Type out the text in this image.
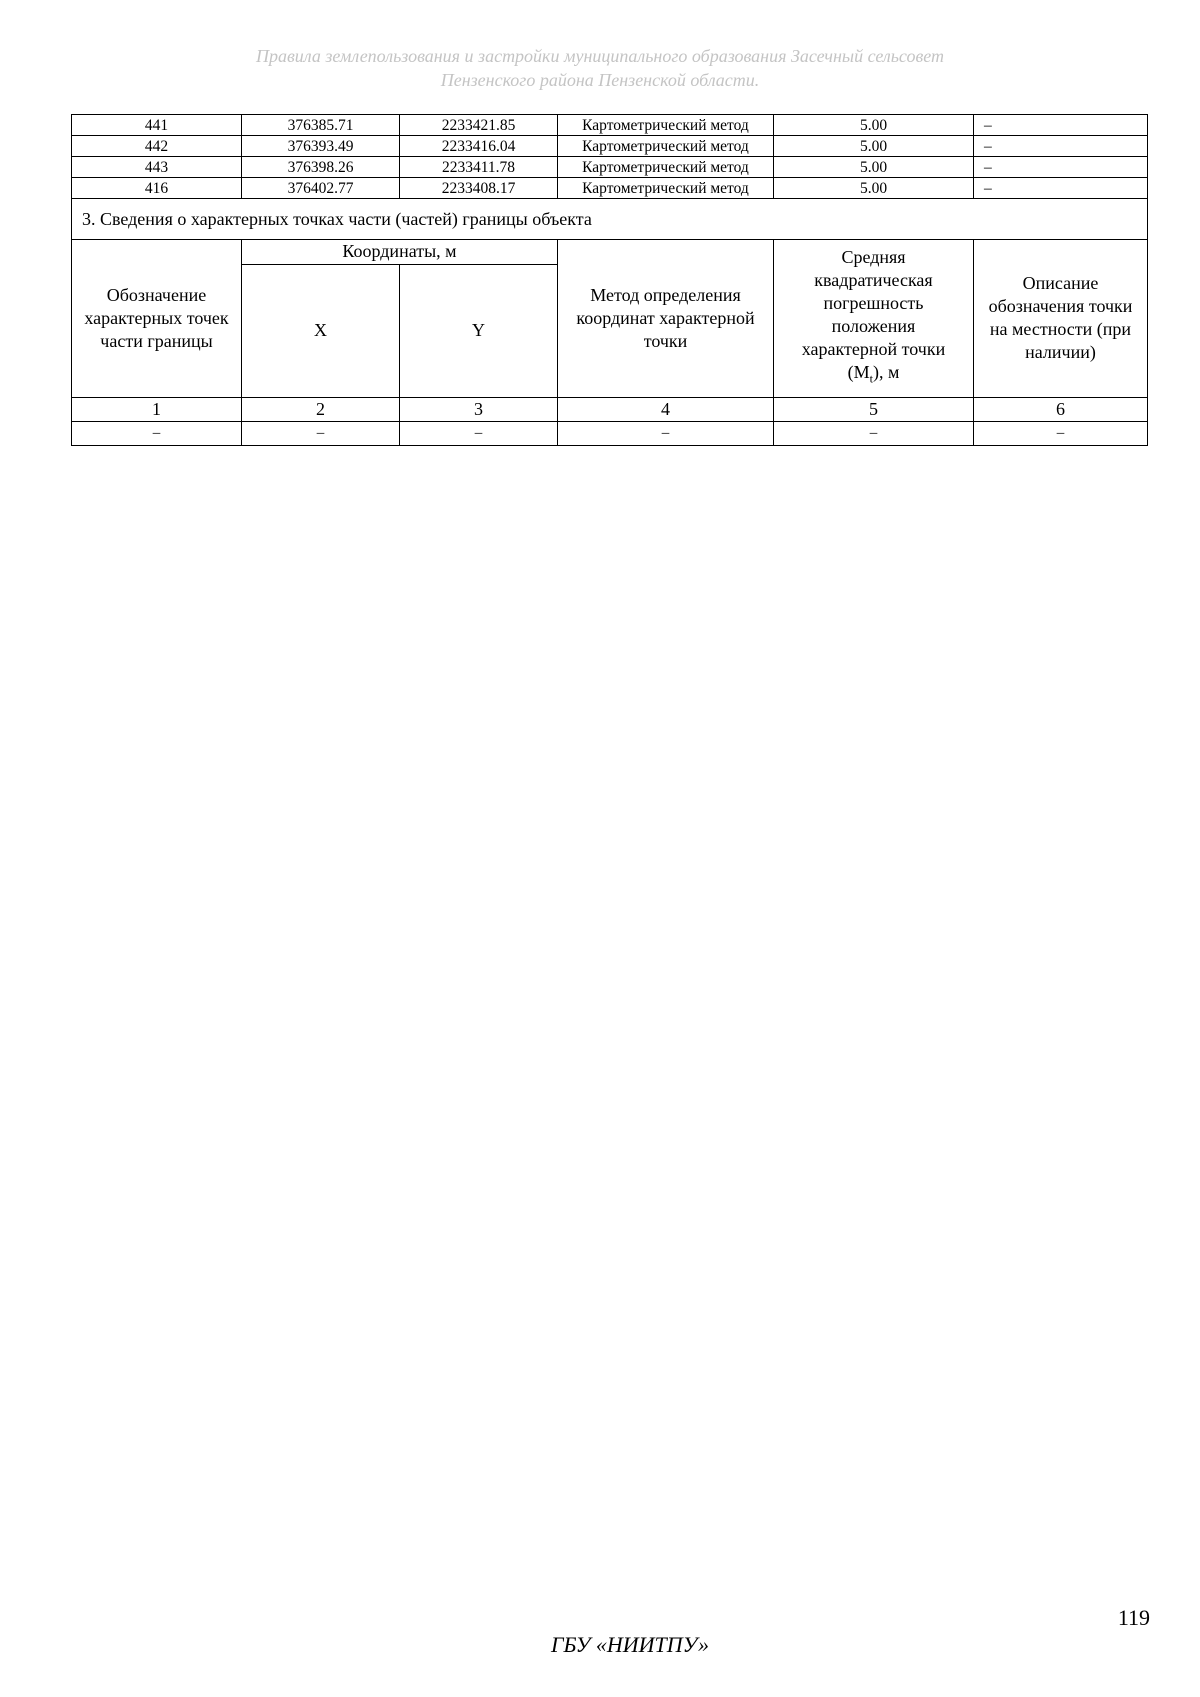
Правила землепользования и застройки муниципального образования Засечный сельсовет
Пензенского района Пензенской области.
441	376385.71	2233421.85	Картометрический метод	5.00	–
442	376393.49	2233416.04	Картометрический метод	5.00	–
443	376398.26	2233411.78	Картометрический метод	5.00	–
416	376402.77	2233408.17	Картометрический метод	5.00	–
3. Сведения о характерных точках части (частей) границы объекта					
Обозначение характерных точек части границы	Координаты, м		Метод определения координат характерной точки	Средняя квадратическая погрешность положения характерной точки $(M_t)$, м	Описание обозначения точки на местности (при наличии)
	X	Y			
1	2	3	4	5	6
–	–	–	–	–	–
119
ГБУ «НИИТПУ»
